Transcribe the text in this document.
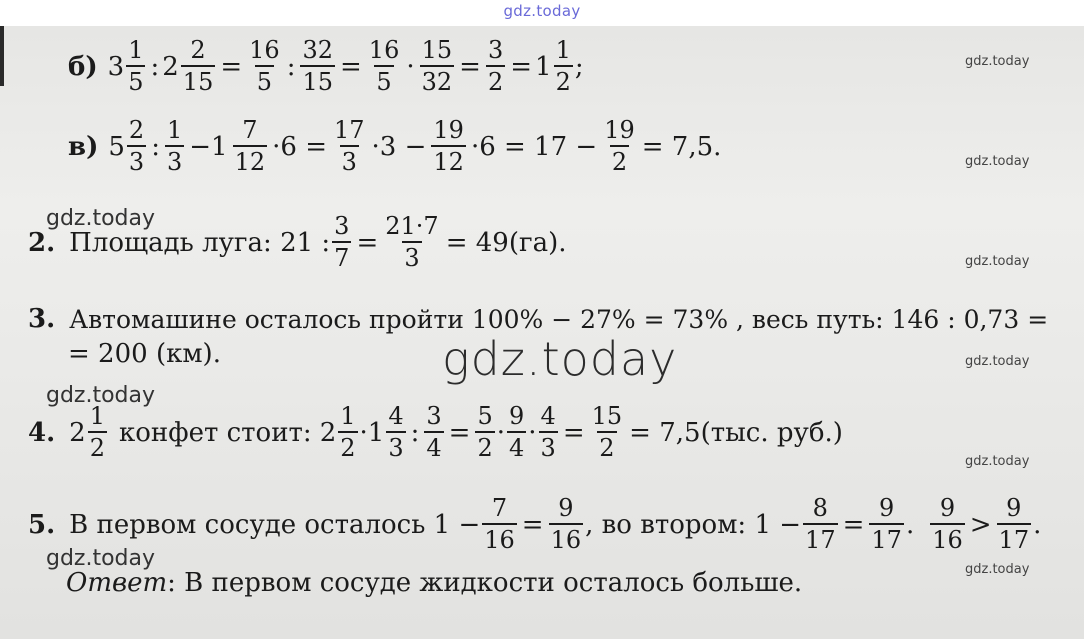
gdz.today
б) $3 \frac{1}{5}$ : $2 \frac{2}{15} = \frac{16}{5}$ : $\frac{32}{15} = \frac{16}{5} \cdot \frac{15}{32} = \frac{3}{2} = 1 \frac{1}{2}$ ;	gdz.today
в) $5 \frac{2}{3}$ : $\frac{1}{3} -1 \frac{7}{12} \cdot 6 = \frac{17}{3} \cdot 3 - \frac{19}{12} \cdot 6 = 17 - \frac{19}{2} = 7,5$.	gdz.today
gdz.today
2. Площадь луга: 21 : $\frac{3}{7} = \frac{21\cdot 7}{3} = 49(га)$.
gdz.today
3. Автомашине осталось пройти 100% − 27% = 73% , весь путь: 146 : 0,73 =
= 200 (км).	gdz.today	gdz.today
gdz.today
4. $2 \frac{1}{2}$ конфет стоит: $2 \frac{1}{2} \cdot 1 \frac{4}{3}$ : $\frac{3}{4} = \frac{5}{2} \cdot \frac{9}{4} \cdot \frac{4}{3} = \frac{15}{2} = 7,5(тыс$. руб.)
gdz.today
5. В первом сосуде осталось $1 - \frac{7}{16} = \frac{9}{16}$ , во втором: $1 - \frac{8}{17} = \frac{9}{17}$ . $\frac{9}{16} > \frac{9}{17}$ .
gdz.today	gdz.today
Ответ : В первом сосуде жидкости осталось больше.
